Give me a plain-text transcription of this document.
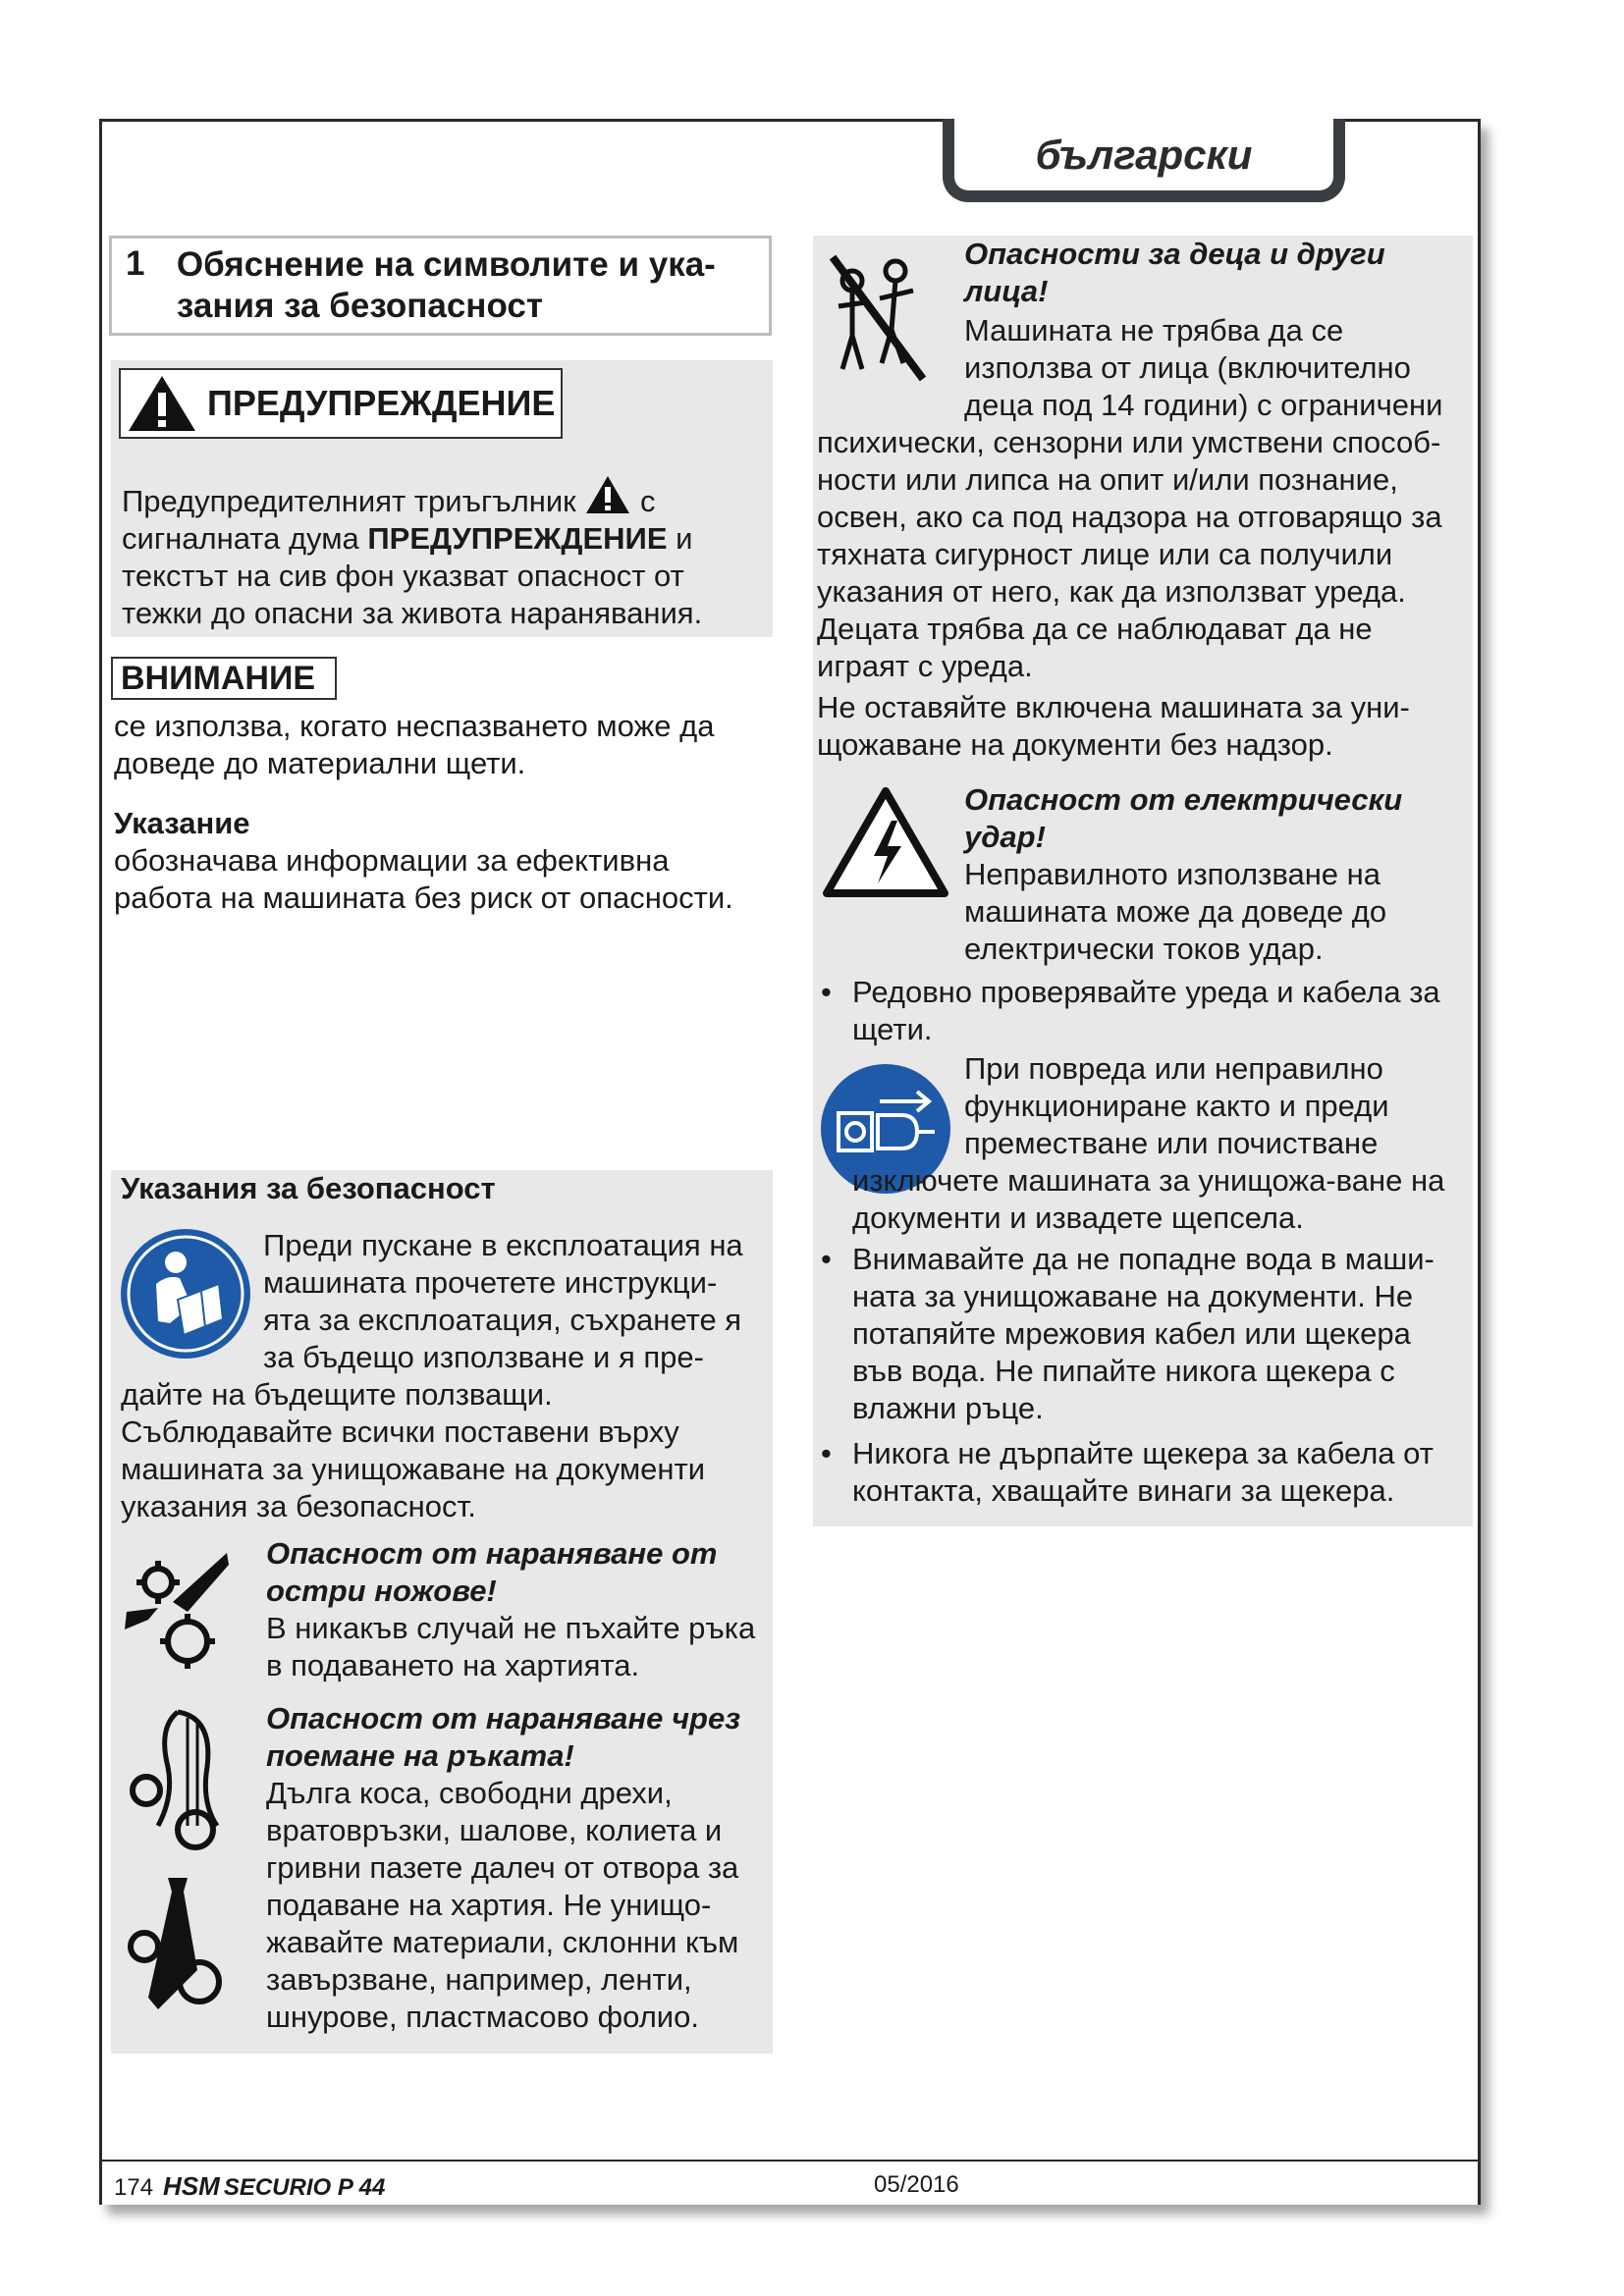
български
1 Обяснение на символите и ука-зания за безопасност
ПРЕДУПРЕЖДЕНИЕ

Предупредителният триъгълник с сигналната дума ПРЕДУПРЕЖДЕНИЕ и текстът на сив фон указват опасност от тежки до опасни за живота наранявания.

ВНИМАНИЕ

се използва, когато неспазването може да доведе до материални щети.

Указание

обозначава информации за ефективна работа на машината без риск от опасности.

Указания за безопасност

Преди пускане в експлоатация на машината прочетете инструкци-ята за експлоатация, съхранете я за бъдещо използване и я пре-дайте на бъдещите ползващи.

Съблюдавайте всички поставени върху машината за унищожаване на документи указания за безопасност.

Опасност от нараняване от остри ножове!

В никакъв случай не пъхайте ръка в подаването на хартията.

Опасност от нараняване чрез поемане на ръката!

Дълга коса, свободни дрехи, вратовръзки, шалове, колиета и гривни пазете далеч от отвора за подаване на хартия. Не унищо-жавайте материали, склонни към завързване, например, ленти, шнурове, пластмасово фолио.

Опасности за деца и други лица!

Машината не трябва да се използва от лица (включително деца под 14 години) с ограничени психически, сензорни или умствени способ-ности или липса на опит и/или познание, освен, ако са под надзора на отговарящо за тяхната сигурност лице или са получили указания от него, как да използват уреда. Децата трябва да се наблюдават да не играят с уреда.

Не оставяйте включена машината за уни-щожаване на документи без надзор.

Опасност от електрически удар!

Неправилното използване на машината може да доведе до електрически токов удар.

• Редовно проверявайте уреда и кабела за щети.

При повреда или неправилно функциониране както и преди преместване или почистване изключете машината за унищожа-ване на документи и извадете щепсела.

• Внимавайте да не попадне вода в маши-ната за унищожаване на документи. Не потапяйте мрежовия кабел или щекера във вода. Не пипайте никога щекера с влажни ръце.
• Никога не дърпайте щекера за кабела от контакта, хващайте винаги за щекера.
174 HSM SECURIO P 44	05/2016
